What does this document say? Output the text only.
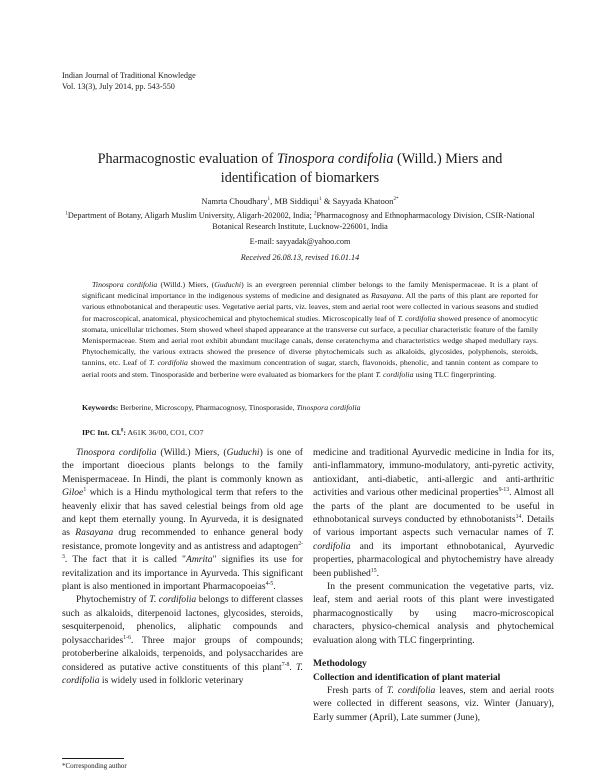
Indian Journal of Traditional Knowledge
Vol. 13(3), July 2014, pp. 543-550
Pharmacognostic evaluation of Tinospora cordifolia (Willd.) Miers and identification of biomarkers
Namrta Choudhary$^1$, MB Siddiqui$^1$ & Sayyada Khatoon$^{2*}$
$^1$Department of Botany, Aligarh Muslim University, Aligarh-202002, India; $^2$Pharmacognosy and Ethnopharmacology Division, CSIR-National Botanical Research Institute, Lucknow-226001, India
E-mail: sayyadak@yahoo.com
Received 26.08.13, revised 16.01.14
Tinospora cordifolia (Willd.) Miers, (Guduchi) is an evergreen perennial climber belongs to the family Menispermaceae. It is a plant of significant medicinal importance in the indigenous systems of medicine and designated as Rasayana. All the parts of this plant are reported for various ethnobotanical and therapeutic uses. Vegetative aerial parts, viz. leaves, stem and aerial root were collected in various seasons and studied for macroscopical, anatomical, physicochemical and phytochemical studies. Microscopically leaf of T. cordifolia showed presence of anomocytic stomata, unicellular trichomes. Stem showed wheel shaped appearance at the transverse cut surface, a peculiar characteristic feature of the family Menispermaceae. Stem and aerial root exhibit abundant mucilage canals, dense ceratenchyma and characteristics wedge shaped medullary rays. Phytochemically, the various extracts showed the presence of diverse phytochemicals such as alkaloids, glycosides, polyphenols, steroids, tannins, etc. Leaf of T. cordifolia showed the maximum concentration of sugar, starch, flavonoids, phenolic, and tannin content as compare to aerial roots and stem. Tinosporaside and berberine were evaluated as biomarkers for the plant T. cordifolia using TLC fingerprinting.
Keywords: Berberine, Microscopy, Pharmacognosy, Tinosporaside, Tinospora cordifolia
IPC Int. Cl.$^8$: A61K 36/00, CO1, CO7

Tinospora cordifolia (Willd.) Miers, (Guduchi) is one of the important dioecious plants belongs to the family Menispermaceae. In Hindi, the plant is commonly known as Giloe$^1$ which is a Hindu mythological term that refers to the heavenly elixir that has saved celestial beings from old age and kept them eternally young. In Ayurveda, it is designated as Rasayana drug recommended to enhance general body resistance, promote longevity and as antistress and adaptogen$^{2-3}$. The fact that it is called "Amrita" signifies its use for revitalization and its importance in Ayurveda. This significant plant is also mentioned in important Pharmacopoeias$^{4-5}$.

Phytochemistry of T. cordifolia belongs to different classes such as alkaloids, diterpenoid lactones, glycosides, steroids, sesquiterpenoid, phenolics, aliphatic compounds and polysaccharides$^{1-6}$. Three major groups of compounds; protoberberine alkaloids, terpenoids, and polysaccharides are considered as putative active constituents of this plant$^{7-8}$. T. cordifolia is widely used in folkloric veterinary

medicine and traditional Ayurvedic medicine in India for its, anti-inflammatory, immuno-modulatory, anti-pyretic activity, antioxidant, anti-diabetic, anti-allergic and anti-arthritic activities and various other medicinal properties$^{9-13}$. Almost all the parts of the plant are documented to be useful in ethnobotanical surveys conducted by ethnobotanists$^{14}$. Details of various important aspects such vernacular names of T. cordifolia and its important ethnobotanical, Ayurvedic properties, pharmacological and phytochemistry have already been published$^{15}$.

In the present communication the vegetative parts, viz. leaf, stem and aerial roots of this plant were investigated pharmacognostically by using macro-microscopical characters, physico-chemical analysis and phytochemical evaluation along with TLC fingerprinting.

Methodology

Collection and identification of plant material

Fresh parts of T. cordifolia leaves, stem and aerial roots were collected in different seasons, viz. Winter (January), Early summer (April), Late summer (June),

*Corresponding author
